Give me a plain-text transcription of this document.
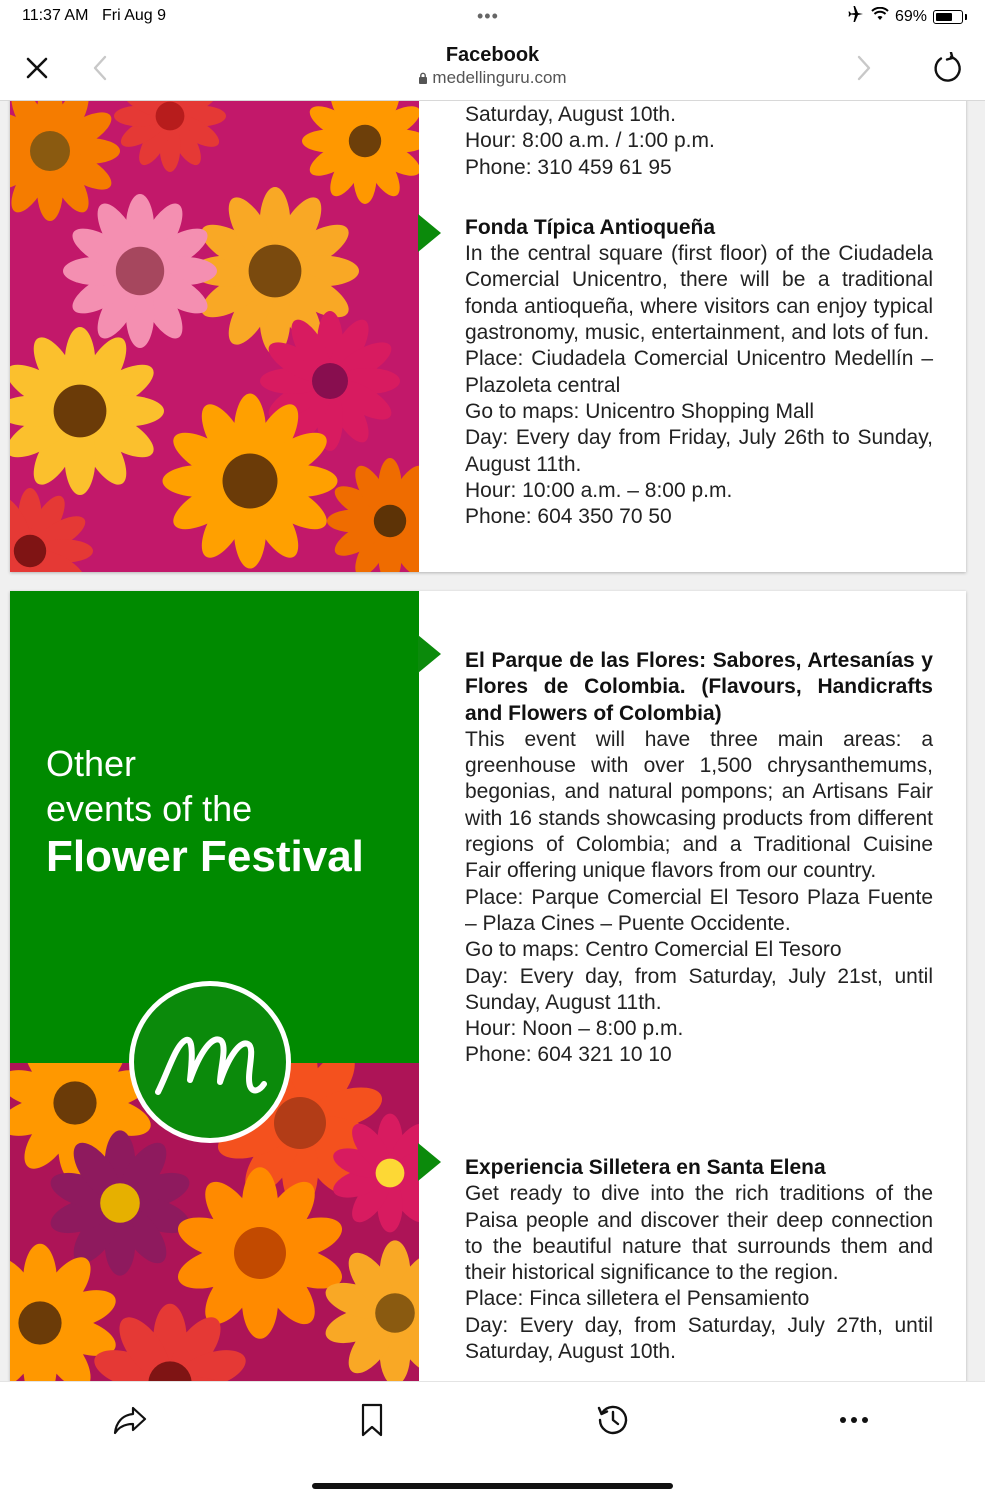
11:37 AM Fri Aug 9	•••	69%
Facebook
medellinguru.com

Saturday, August 10th.

Hour: 8:00 a.m. / 1:00 p.m.

Phone: 310 459 61 95

Fonda Típica Antioqueña

In the central square (first floor) of the Ciudadela Comercial Unicentro, there will be a traditional fonda antioqueña, where visitors can enjoy typical gastronomy, music, entertainment, and lots of fun.

Place: Ciudadela Comercial Unicentro Medellín – Plazoleta central

Go to maps: Unicentro Shopping Mall

Day: Every day from Friday, July 26th to Sunday, August 11th.

Hour: 10:00 a.m. – 8:00 p.m.

Phone: 604 350 70 50

Other
events of the
Flower Festival

El Parque de las Flores: Sabores, Artesanías y Flores de Colombia. (Flavours, Handicrafts and Flowers of Colombia)

This event will have three main areas: a greenhouse with over 1,500 chrysanthemums, begonias, and natural pompons; an Artisans Fair with 16 stands showcasing products from different regions of Colombia; and a Traditional Cuisine Fair offering unique flavors from our country.

Place: Parque Comercial El Tesoro Plaza Fuente – Plaza Cines – Puente Occidente.

Go to maps: Centro Comercial El Tesoro

Day: Every day, from Saturday, July 21st, until Sunday, August 11th.

Hour: Noon – 8:00 p.m.

Phone: 604 321 10 10

Experiencia Silletera en Santa Elena

Get ready to dive into the rich traditions of the Paisa people and discover their deep connection to the beautiful nature that surrounds them and their historical significance to the region.

Place: Finca silletera el Pensamiento

Day: Every day, from Saturday, July 27th, until Saturday, August 10th.
